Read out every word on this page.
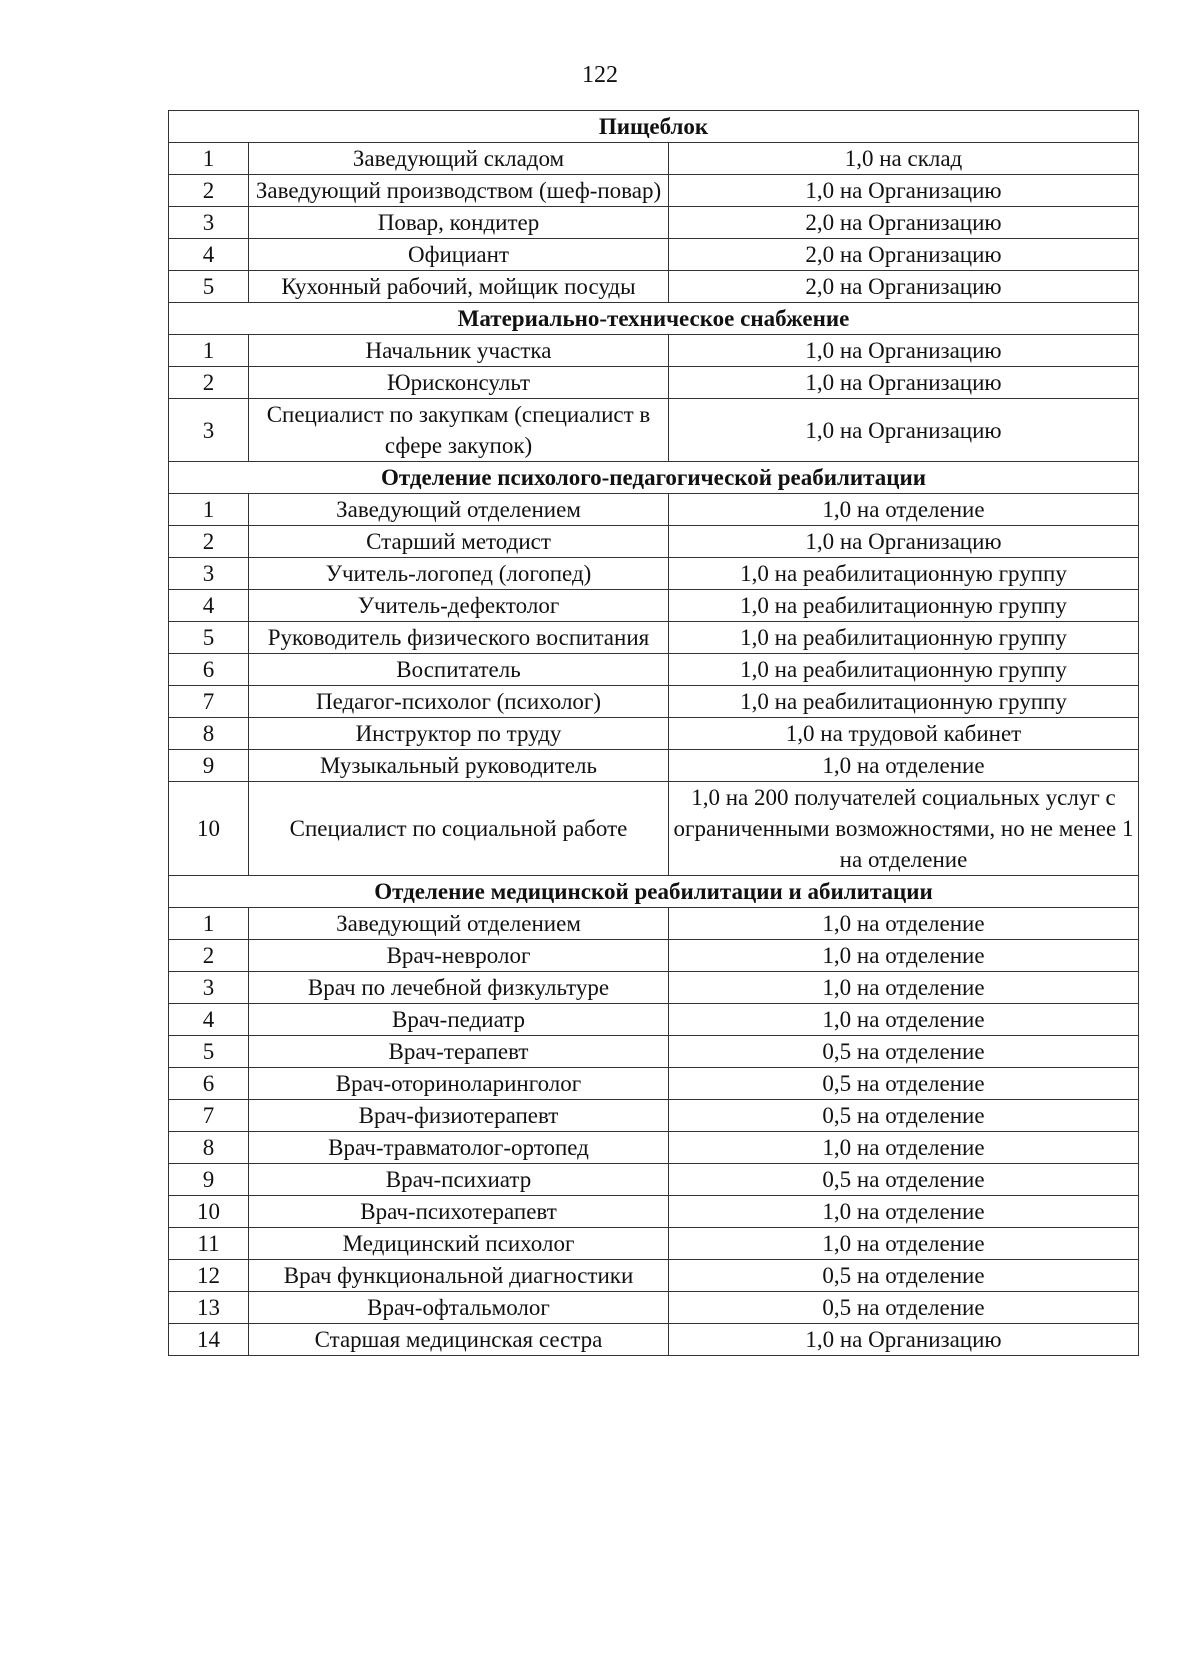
122
Пищеблок		
1	Заведующий складом	1,0 на склад
2	Заведующий производством (шеф-повар)	1,0 на Организацию
3	Повар, кондитер	2,0 на Организацию
4	Официант	2,0 на Организацию
5	Кухонный рабочий, мойщик посуды	2,0 на Организацию
Материально-техническое снабжение		
1	Начальник участка	1,0 на Организацию
2	Юрисконсульт	1,0 на Организацию
3	Специалист по закупкам (специалист в сфере закупок)	1,0 на Организацию
Отделение психолого-педагогической реабилитации		
1	Заведующий отделением	1,0 на отделение
2	Старший методист	1,0 на Организацию
3	Учитель-логопед (логопед)	1,0 на реабилитационную группу
4	Учитель-дефектолог	1,0 на реабилитационную группу
5	Руководитель физического воспитания	1,0 на реабилитационную группу
6	Воспитатель	1,0 на реабилитационную группу
7	Педагог-психолог (психолог)	1,0 на реабилитационную группу
8	Инструктор по труду	1,0 на трудовой кабинет
9	Музыкальный руководитель	1,0 на отделение
10	Специалист по социальной работе	1,0 на 200 получателей социальных услуг с ограниченными возможностями, но не менее 1 на отделение
Отделение медицинской реабилитации и абилитации		
1	Заведующий отделением	1,0 на отделение
2	Врач-невролог	1,0 на отделение
3	Врач по лечебной физкультуре	1,0 на отделение
4	Врач-педиатр	1,0 на отделение
5	Врач-терапевт	0,5 на отделение
6	Врач-оториноларинголог	0,5 на отделение
7	Врач-физиотерапевт	0,5 на отделение
8	Врач-травматолог-ортопед	1,0 на отделение
9	Врач-психиатр	0,5 на отделение
10	Врач-психотерапевт	1,0 на отделение
11	Медицинский психолог	1,0 на отделение
12	Врач функциональной диагностики	0,5 на отделение
13	Врач-офтальмолог	0,5 на отделение
14	Старшая медицинская сестра	1,0 на Организацию
